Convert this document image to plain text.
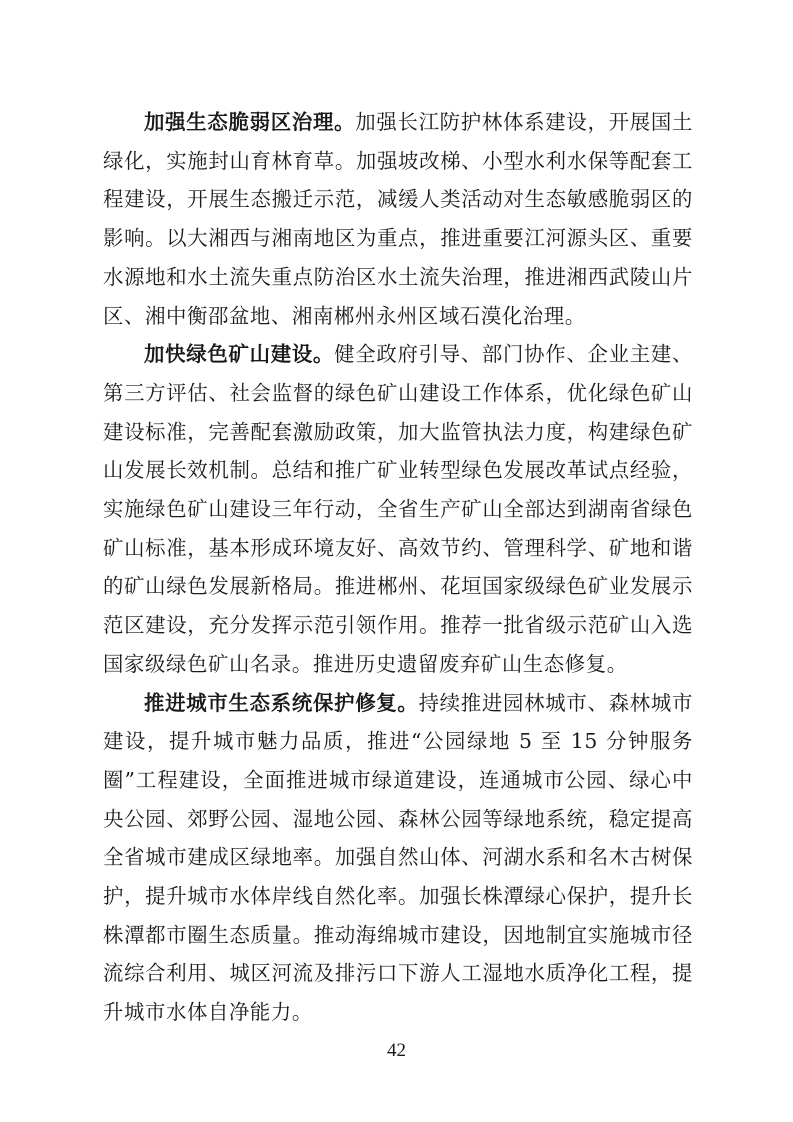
加强生态脆弱区治理。加强长江防护林体系建设，开展国土绿化，实施封山育林育草。加强坡改梯、小型水利水保等配套工程建设，开展生态搬迁示范，减缓人类活动对生态敏感脆弱区的影响。以大湘西与湘南地区为重点，推进重要江河源头区、重要水源地和水土流失重点防治区水土流失治理，推进湘西武陵山片区、湘中衡邵盆地、湘南郴州永州区域石漠化治理。

加快绿色矿山建设。健全政府引导、部门协作、企业主建、第三方评估、社会监督的绿色矿山建设工作体系，优化绿色矿山建设标准，完善配套激励政策，加大监管执法力度，构建绿色矿山发展长效机制。总结和推广矿业转型绿色发展改革试点经验，实施绿色矿山建设三年行动，全省生产矿山全部达到湖南省绿色矿山标准，基本形成环境友好、高效节约、管理科学、矿地和谐的矿山绿色发展新格局。推进郴州、花垣国家级绿色矿业发展示范区建设，充分发挥示范引领作用。推荐一批省级示范矿山入选国家级绿色矿山名录。推进历史遗留废弃矿山生态修复。

推进城市生态系统保护修复。持续推进园林城市、森林城市建设，提升城市魅力品质，推进“公园绿地 5 至 15 分钟服务圈”工程建设，全面推进城市绿道建设，连通城市公园、绿心中央公园、郊野公园、湿地公园、森林公园等绿地系统，稳定提高全省城市建成区绿地率。加强自然山体、河湖水系和名木古树保护，提升城市水体岸线自然化率。加强长株潭绿心保护，提升长株潭都市圈生态质量。推动海绵城市建设，因地制宜实施城市径流综合利用、城区河流及排污口下游人工湿地水质净化工程，提升城市水体自净能力。

42
